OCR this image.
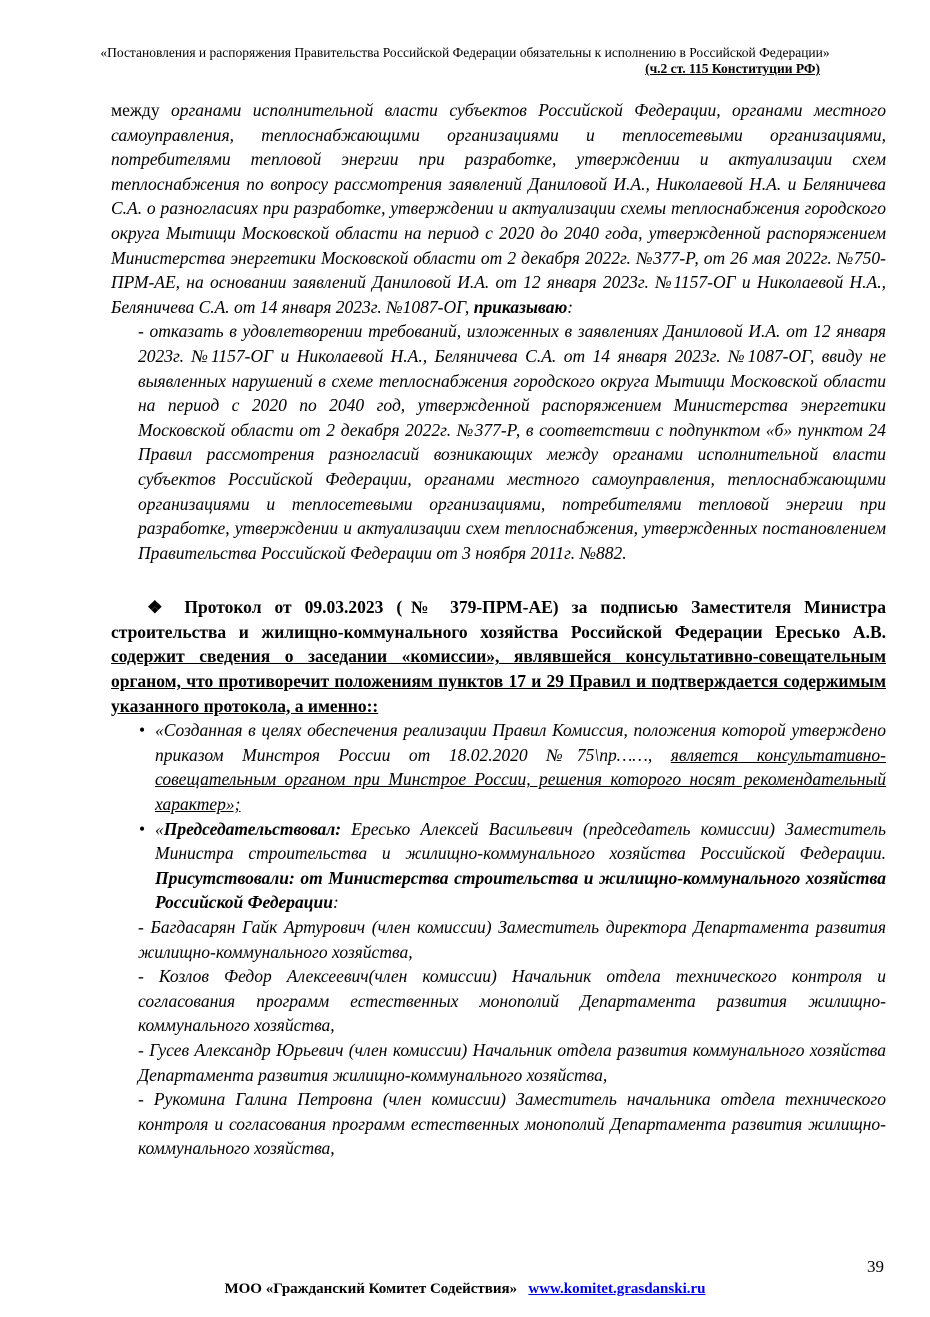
«Постановления и распоряжения Правительства Российской Федерации обязательны к исполнению в Российской Федерации»
(ч.2 ст. 115 Конституции РФ)

между органами исполнительной власти субъектов Российской Федерации, органами местного самоуправления, теплоснабжающими организациями и теплосетевыми организациями, потребителями тепловой энергии при разработке, утверждении и актуализации схем теплоснабжения по вопросу рассмотрения заявлений Даниловой И.А., Николаевой Н.А. и Беляничева С.А. о разногласиях при разработке, утверждении и актуализации схемы теплоснабжения городского округа Мытищи Московской области на период с 2020 до 2040 года, утвержденной распоряжением Министерства энергетики Московской области от 2 декабря 2022г. №377-Р, от 26 мая 2022г. №750-ПРМ-АЕ, на основании заявлений Даниловой И.А. от 12 января 2023г. №1157-ОГ и Николаевой Н.А., Беляничева С.А. от 14 января 2023г. №1087-ОГ, приказываю:

- отказать в удовлетворении требований, изложенных в заявлениях Даниловой И.А. от 12 января 2023г. №1157-ОГ и Николаевой Н.А., Беляничева С.А. от 14 января 2023г. №1087-ОГ, ввиду не выявленных нарушений в схеме теплоснабжения городского округа Мытищи Московской области на период с 2020 по 2040 год, утвержденной распоряжением Министерства энергетики Московской области от 2 декабря 2022г. №377-Р, в соответствии с подпунктом «б» пунктом 24 Правил рассмотрения разногласий возникающих между органами исполнительной власти субъектов Российской Федерации, органами местного самоуправления, теплоснабжающими организациями и теплосетевыми организациями, потребителями тепловой энергии при разработке, утверждении и актуализации схем теплоснабжения, утвержденных постановлением Правительства Российской Федерации от 3 ноября 2011г. №882.

❖ Протокол от 09.03.2023 (№ 379-ПРМ-АЕ) за подписью Заместителя Министра строительства и жилищно-коммунального хозяйства Российской Федерации Ересько А.В. содержит сведения о заседании «комиссии», являвшейся консультативно-совещательным органом, что противоречит положениям пунктов 17 и 29 Правил и подтверждается содержимым указанного протокола, а именно::

• «Созданная в целях обеспечения реализации Правил Комиссия, положения которой утверждено приказом Минстроя России от 18.02.2020 №75\пр……, является консультативно-совещательным органом при Минстрое России, решения которого носят рекомендательный характер»;
• «Председательствовал: Ересько Алексей Васильевич (председатель комиссии) Заместитель Министра строительства и жилищно-коммунального хозяйства Российской Федерации. Присутствовали: от Министерства строительства и жилищно-коммунального хозяйства Российской Федерации:

- Багдасарян Гайк Артурович (член комиссии) Заместитель директора Департамента развития жилищно-коммунального хозяйства,

- Козлов Федор Алексеевич(член комиссии) Начальник отдела технического контроля и согласования программ естественных монополий Департамента развития жилищно-коммунального хозяйства,

- Гусев Александр Юрьевич (член комиссии) Начальник отдела развития коммунального хозяйства Департамента развития жилищно-коммунального хозяйства,

- Рукомина Галина Петровна (член комиссии) Заместитель начальника отдела технического контроля и согласования программ естественных монополий Департамента развития жилищно-коммунального хозяйства,

39
МОО «Гражданский Комитет Содействия» www.komitet.grasdanski.ru
